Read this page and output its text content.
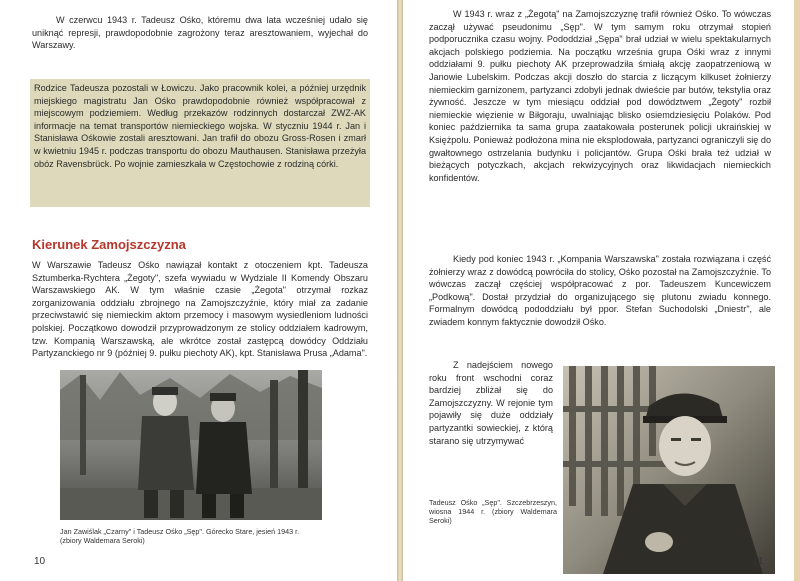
W czerwcu 1943 r. Tadeusz Ośko, któremu dwa lata wcześniej udało się uniknąć represji, prawdopodobnie zagrożony teraz aresztowaniem, wyjechał do Warszawy.

Rodzice Tadeusza pozostali w Łowiczu. Jako pracownik kolei, a później urzędnik miejskiego magistratu Jan Ośko prawdopodobnie również współpracował z miejscowym podziemiem. Według przekazów rodzinnych dostarczał ZWZ-AK informacje na temat transportów niemieckiego wojska. W styczniu 1944 r. Jan i Stanisława Ośkowie zostali aresztowani. Jan trafił do obozu Gross-Rosen i zmarł w kwietniu 1945 r. podczas transportu do obozu Mauthausen. Stanisława przeżyła obóz Ravensbrück. Po wojnie zamieszkała w Częstochowie z rodziną córki.

Kierunek Zamojszczyzna

W Warszawie Tadeusz Ośko nawiązał kontakt z otoczeniem kpt. Tadeusza Sztumberka-Rychtera „Żegoty", szefa wywiadu w Wydziale II Komendy Obszaru Warszawskiego AK. W tym właśnie czasie „Żegota" otrzymał rozkaz zorganizowania oddziału zbrojnego na Zamojszczyźnie, który miał za zadanie przeciwstawić się niemieckim aktom przemocy i masowym wysiedleniom ludności polskiej. Początkowo dowodził przyprowadzonym ze stolicy oddziałem kadrowym, tzw. Kompanią Warszawską, ale wkrótce został zastępcą dowódcy Oddziału Partyzanckiego nr 9 (później 9. pułku piechoty AK), kpt. Stanisława Prusa „Adama".

Jan Zawiślak „Czarny" i Tadeusz Ośko „Sęp". Górecko Stare, jesień 1943 r. (zbiory Waldemara Seroki)
10

W 1943 r. wraz z „Żegotą" na Zamojszczyznę trafił również Ośko. To wówczas zaczął używać pseudonimu „Sęp". W tym samym roku otrzymał stopień podporucznika czasu wojny. Pododdział „Sępa" brał udział w wielu spektakularnych akcjach polskiego podziemia. Na początku września grupa Ośki wraz z innymi oddziałami 9. pułku piechoty AK przeprowadziła śmiałą akcję zaopatrzeniową w Janowie Lubelskim. Podczas akcji doszło do starcia z liczącym kilkuset żołnierzy niemieckim garnizonem, partyzanci zdobyli jednak dwieście par butów, tekstylia oraz żywność. Jeszcze w tym miesiącu oddział pod dowództwem „Żegoty" rozbił niemieckie więzienie w Biłgoraju, uwalniając blisko osiemdziesięciu Polaków. Pod koniec października ta sama grupa zaatakowała posterunek policji ukraińskiej w Księżpolu. Ponieważ podłożona mina nie eksplodowała, partyzanci ograniczyli się do gwałtownego ostrzelania budynku i policjantów. Grupa Ośki brała też udział w bieżących potyczkach, akcjach rekwizycyjnych oraz likwidacjach niemieckich konfidentów.

Kiedy pod koniec 1943 r. „Kompania Warszawska" została rozwiązana i część żołnierzy wraz z dowódcą powróciła do stolicy, Ośko pozostał na Zamojszczyźnie. To wówczas zaczął częściej współpracować z por. Tadeuszem Kuncewiczem „Podkową". Dostał przydział do organizującego się plutonu zwiadu konnego. Formalnym dowódcą pododdziału był ppor. Stefan Suchodolski „Dniestr", ale zwiadem konnym faktycznie dowodził Ośko.

Z nadejściem nowego roku front wschodni coraz bardziej zbliżał się do Zamojszczyzny. W rejonie tym pojawiły się duże oddziały partyzantki sowieckiej, z którą starano się utrzymywać

Tadeusz Ośko „Sęp". Szczebrzeszyn, wiosna 1944 r. (zbiory Waldemara Seroki)
11
